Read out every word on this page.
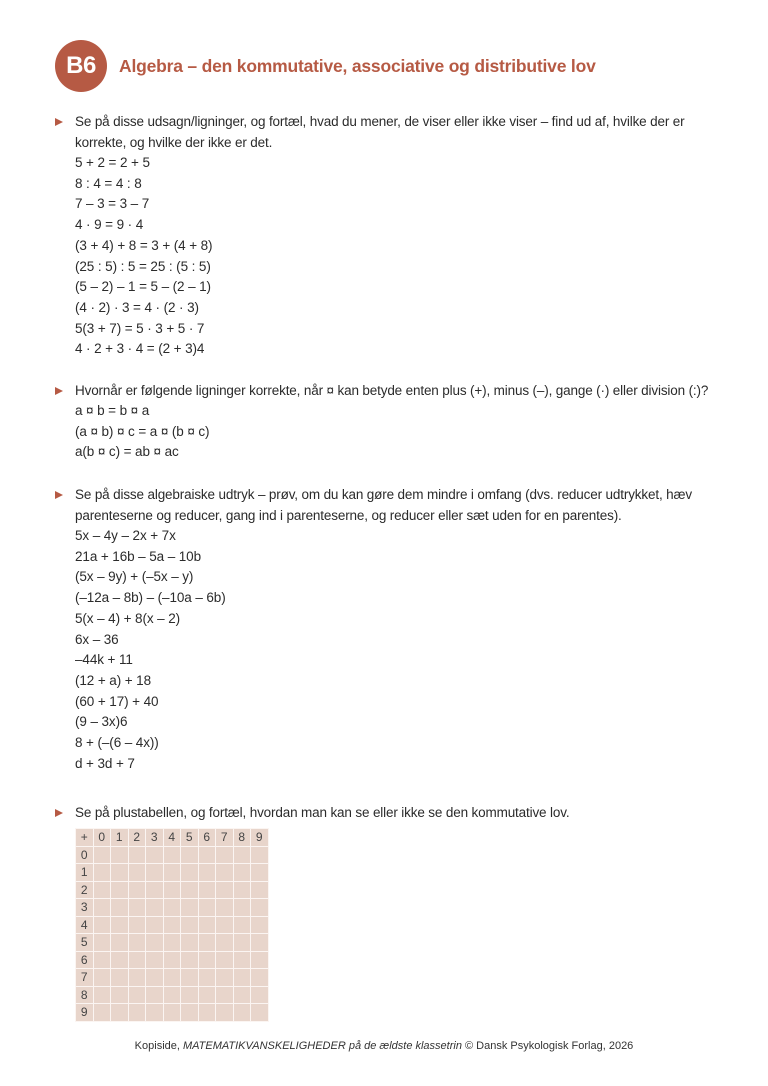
B6	Algebra – den kommutative, associative og distributive lov
Se på disse udsagn/ligninger, og fortæl, hvad du mener, de viser eller ikke viser – find ud af, hvilke der er korrekte, og hvilke der ikke er det.
5 + 2 = 2 + 5
8 : 4 = 4 : 8
7 – 3 = 3 – 7
4 · 9 = 9 · 4
(3 + 4) + 8 = 3 + (4 + 8)
(25 : 5) : 5 = 25 : (5 : 5)
(5 – 2) – 1 = 5 – (2 – 1)
(4 · 2) · 3 = 4 · (2 · 3)
5(3 + 7) = 5 · 3 + 5 · 7
4 · 2 + 3 · 4 = (2 + 3)4
Hvornår er følgende ligninger korrekte, når ¤ kan betyde enten plus (+), minus (–), gange (·) eller division (:)?
a ¤ b = b ¤ a
(a ¤ b) ¤ c = a ¤ (b ¤ c)
a(b ¤ c) = ab ¤ ac
Se på disse algebraiske udtryk – prøv, om du kan gøre dem mindre i omfang (dvs. reducer udtrykket, hæv parenteserne og reducer, gang ind i parenteserne, og reducer eller sæt uden for en parentes).
5x – 4y – 2x + 7x
21a + 16b – 5a – 10b
(5x – 9y) + (–5x – y)
(–12a – 8b) – (–10a – 6b)
5(x – 4) + 8(x – 2)
6x – 36
–44k + 11
(12 + a) + 18
(60 + 17) + 40
(9 – 3x)6
8 + (–(6 – 4x))
d + 3d + 7
Se på plustabellen, og fortæl, hvordan man kan se eller ikke se den kommutative lov.
+	0	1	2	3	4	5	6	7	8	9
0										
1										
2										
3										
4										
5										
6										
7										
8										
9										
Kopiside, MATEMATIKVANSKELIGHEDER på de ældste klassetrin © Dansk Psykologisk Forlag, 2026
